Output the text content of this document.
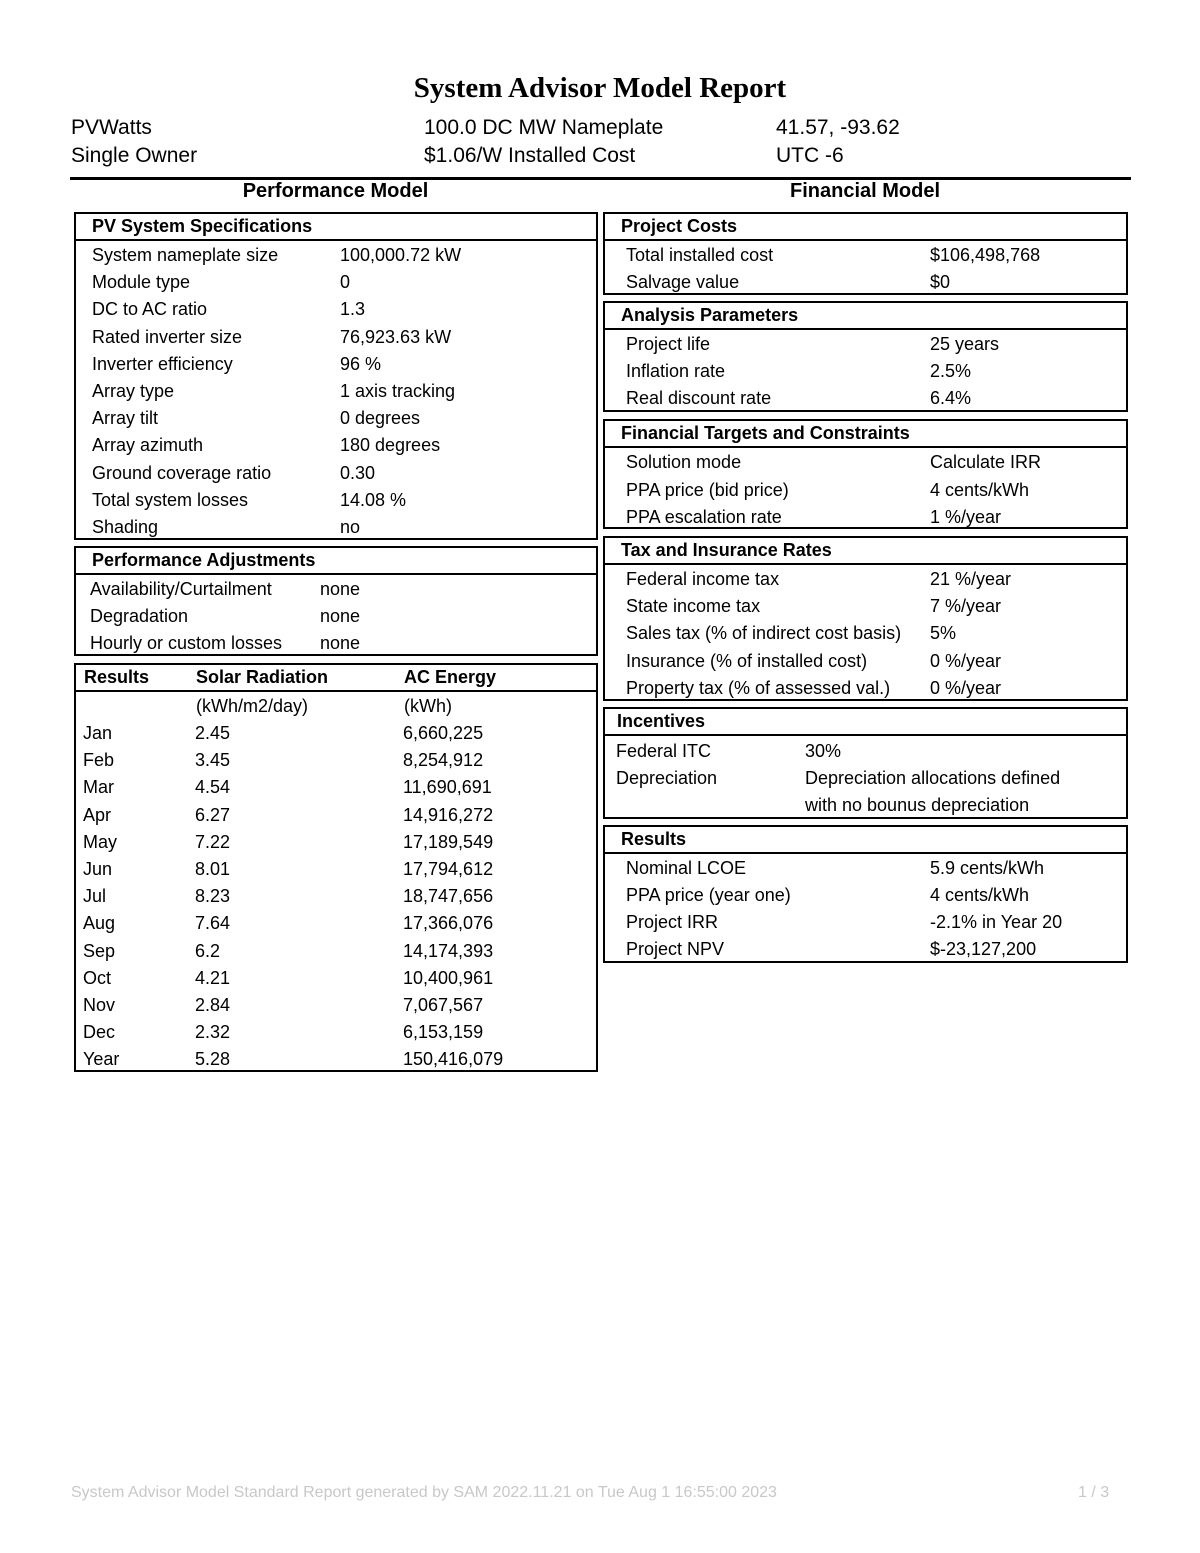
System Advisor Model Report
PVWatts	100.0 DC MW Nameplate	41.57, -93.62
Single Owner	$1.06/W Installed Cost	UTC -6
Performance Model	Financial Model
PV System Specifications
System nameplate size	100,000.72 kW
Module type	0
DC to AC ratio	1.3
Rated inverter size	76,923.63 kW
Inverter efficiency	96 %
Array type	1 axis tracking
Array tilt	0 degrees
Array azimuth	180 degrees
Ground coverage ratio	0.30
Total system losses	14.08 %
Shading	no
Performance Adjustments
Availability/Curtailment	none
Degradation	none
Hourly or custom losses none
Results	Solar Radiation	AC Energy
(kWh/m2/day)	(kWh)
Jan	2.45	6,660,225
Feb	3.45	8,254,912
Mar	4.54	11,690,691
Apr	6.27	14,916,272
May	7.22	17,189,549
Jun	8.01	17,794,612
Jul	8.23	18,747,656
Aug	7.64	17,366,076
Sep	6.2	14,174,393
Oct	4.21	10,400,961
Nov	2.84	7,067,567
Dec	2.32	6,153,159
Year	5.28	150,416,079
Project Costs
Total installed cost	$106,498,768
Salvage value	$0
Analysis Parameters
Project life	25 years
Inflation rate	2.5%
Real discount rate	6.4%
Financial Targets and Constraints
Solution mode	Calculate IRR
PPA price (bid price)	4 cents/kWh
PPA escalation rate	1 %/year
Tax and Insurance Rates
Federal income tax	21 %/year
State income tax	7 %/year
Sales tax (% of indirect cost basis) 5%
Insurance (% of installed cost)	0 %/year
Property tax (% of assessed val.) 0 %/year
Incentives
Federal ITC	30%
Depreciation	Depreciation allocations defined
with no bounus depreciation
Results
Nominal LCOE	5.9 cents/kWh
PPA price (year one)	4 cents/kWh
Project IRR	-2.1% in Year 20
Project NPV	$-23,127,200
System Advisor Model Standard Report generated by SAM 2022.11.21 on Tue Aug 1 16:55:00 2023	1 / 3
